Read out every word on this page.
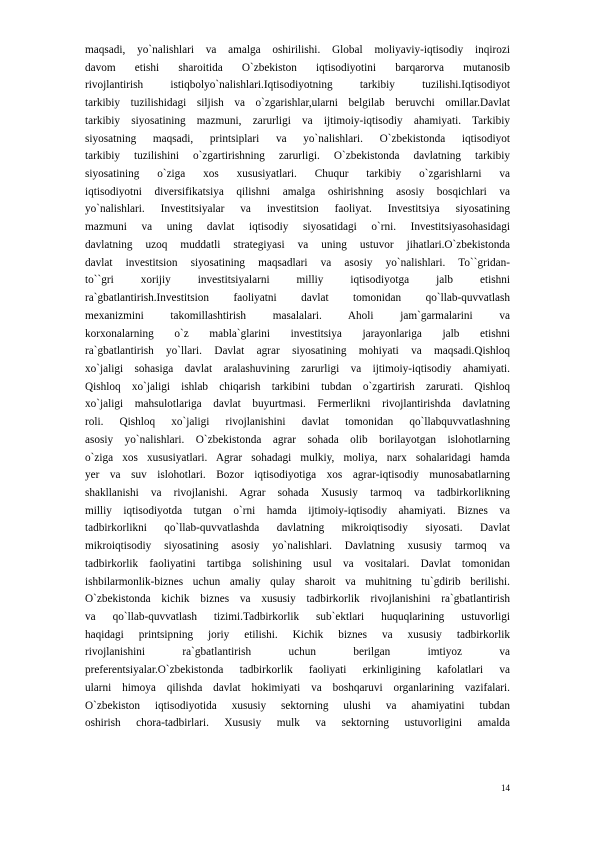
maqsadi, yo`nalishlari va amalga oshirilishi. Global moliyaviy-iqtisodiy inqirozi
davom etishi sharoitida O`zbekiston iqtisodiyotini barqarorva mutanosib
rivojlantirish istiqbolyo`nalishlari.Iqtisodiyotning tarkibiy tuzilishi.Iqtisodiyot
tarkibiy tuzilishidagi siljish va o`zgarishlar,ularni belgilab beruvchi omillar.Davlat
tarkibiy siyosatining mazmuni, zarurligi va ijtimoiy-iqtisodiy ahamiyati. Tarkibiy
siyosatning maqsadi, printsiplari va yo`nalishlari. O`zbekistonda iqtisodiyot
tarkibiy tuzilishini o`zgartirishning zarurligi. O`zbekistonda davlatning tarkibiy
siyosatining o`ziga xos xususiyatlari. Chuqur tarkibiy o`zgarishlarni va
iqtisodiyotni diversifikatsiya qilishni amalga oshirishning asosiy bosqichlari va
yo`nalishlari. Investitsiyalar va investitsion faoliyat. Investitsiya siyosatining
mazmuni va uning davlat iqtisodiy siyosatidagi o`rni. Investitsiyasohasidagi
davlatning uzoq muddatli strategiyasi va uning ustuvor jihatlari.O`zbekistonda
davlat investitsion siyosatining maqsadlari va asosiy yo`nalishlari. To``gridan-
to``gri xorijiy investitsiyalarni milliy iqtisodiyotga jalb etishni
ra`gbatlantirish.Investitsion faoliyatni davlat tomonidan qo`llab-quvvatlash
mexanizmini takomillashtirish masalalari. Aholi jam`garmalarini va
korxonalarning o`z mabla`glarini investitsiya jarayonlariga jalb etishni
ra`gbatlantirish yo`llari. Davlat agrar siyosatining mohiyati va maqsadi.Qishloq
xo`jaligi sohasiga davlat aralashuvining zarurligi va ijtimoiy-iqtisodiy ahamiyati.
Qishloq xo`jaligi ishlab chiqarish tarkibini tubdan o`zgartirish zarurati. Qishloq
xo`jaligi mahsulotlariga davlat buyurtmasi. Fermerlikni rivojlantirishda davlatning
roli. Qishloq xo`jaligi rivojlanishini davlat tomonidan qo`llabquvvatlashning
asosiy yo`nalishlari. O`zbekistonda agrar sohada olib borilayotgan islohotlarning
o`ziga xos xususiyatlari. Agrar sohadagi mulkiy, moliya, narx sohalaridagi hamda
yer va suv islohotlari. Bozor iqtisodiyotiga xos agrar-iqtisodiy munosabatlarning
shakllanishi va rivojlanishi. Agrar sohada Xususiy tarmoq va tadbirkorlikning
milliy iqtisodiyotda tutgan o`rni hamda ijtimoiy-iqtisodiy ahamiyati. Biznes va
tadbirkorlikni qo`llab-quvvatlashda davlatning mikroiqtisodiy siyosati. Davlat
mikroiqtisodiy siyosatining asosiy yo`nalishlari. Davlatning xususiy tarmoq va
tadbirkorlik faoliyatini tartibga solishining usul va vositalari. Davlat tomonidan
ishbilarmonlik-biznes uchun amaliy qulay sharoit va muhitning tu`gdirib berilishi.
O`zbekistonda kichik biznes va xususiy tadbirkorlik rivojlanishini ra`gbatlantirish
va qo`llab-quvvatlash tizimi.Tadbirkorlik sub`ektlari huquqlarining ustuvorligi
haqidagi printsipning joriy etilishi. Kichik biznes va xususiy tadbirkorlik
rivojlanishini ra`gbatlantirish uchun berilgan imtiyoz va
preferentsiyalar.O`zbekistonda tadbirkorlik faoliyati erkinligining kafolatlari va
ularni himoya qilishda davlat hokimiyati va boshqaruvi organlarining vazifalari.
O`zbekiston iqtisodiyotida xususiy sektorning ulushi va ahamiyatini tubdan
oshirish chora-tadbirlari. Xususiy mulk va sektorning ustuvorligini amalda
14
